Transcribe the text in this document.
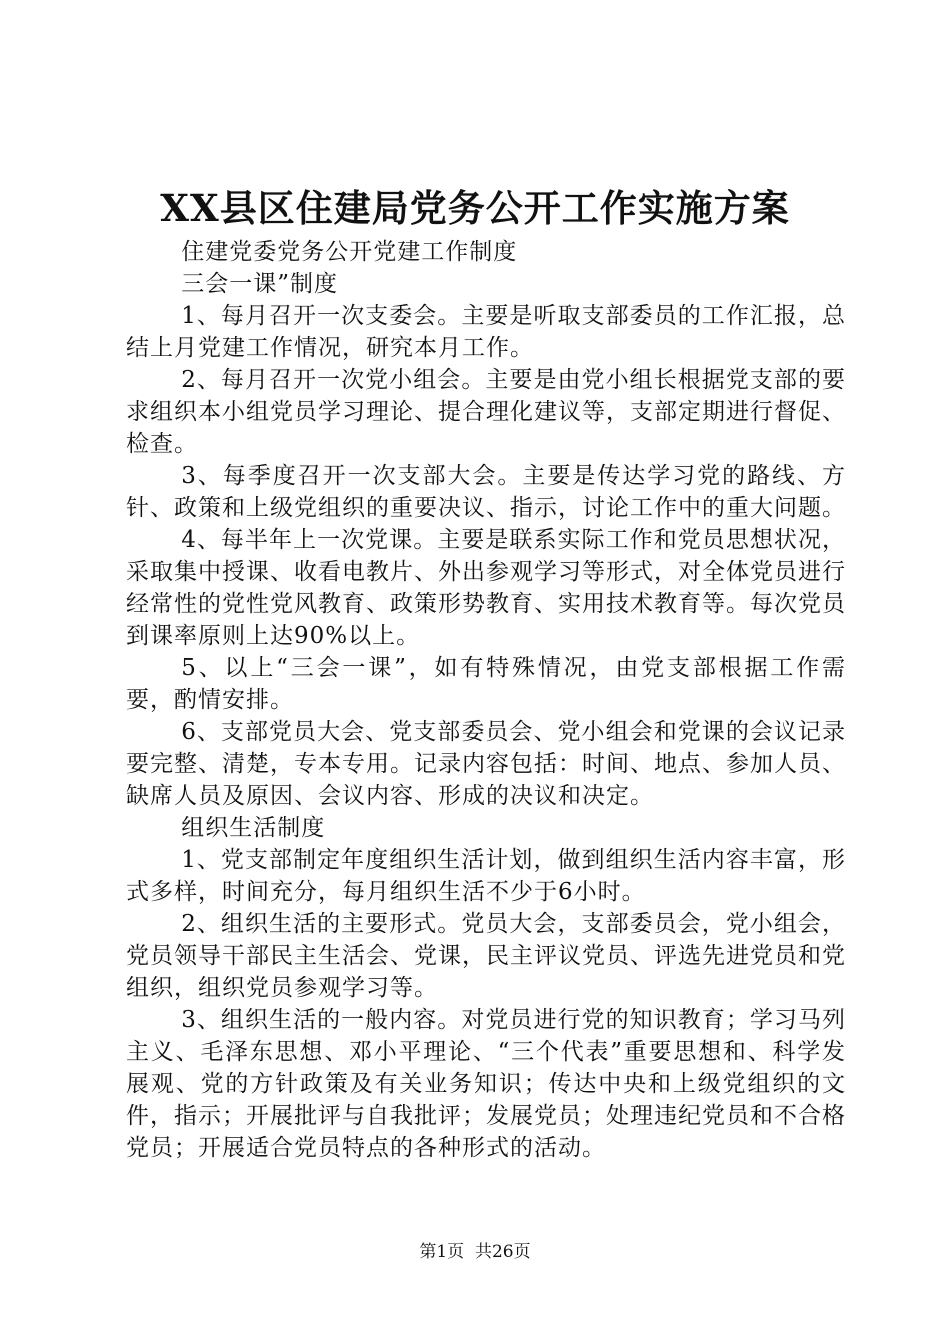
XX县区住建局党务公开工作实施方案

住建党委党务公开党建工作制度

三会一课”制度

1、每月召开一次支委会。主要是听取支部委员的工作汇报，总结上月党建工作情况，研究本月工作。

2、每月召开一次党小组会。主要是由党小组长根据党支部的要求组织本小组党员学习理论、提合理化建议等，支部定期进行督促、检查。

3、每季度召开一次支部大会。主要是传达学习党的路线、方针、政策和上级党组织的重要决议、指示，讨论工作中的重大问题。

4、每半年上一次党课。主要是联系实际工作和党员思想状况，采取集中授课、收看电教片、外出参观学习等形式，对全体党员进行经常性的党性党风教育、政策形势教育、实用技术教育等。每次党员到课率原则上达90%以上。

5、以上“三会一课”，如有特殊情况，由党支部根据工作需要，酌情安排。

6、支部党员大会、党支部委员会、党小组会和党课的会议记录要完整、清楚，专本专用。记录内容包括：时间、地点、参加人员、缺席人员及原因、会议内容、形成的决议和决定。

组织生活制度

1、党支部制定年度组织生活计划，做到组织生活内容丰富，形式多样，时间充分，每月组织生活不少于6小时。

2、组织生活的主要形式。党员大会，支部委员会，党小组会，党员领导干部民主生活会、党课，民主评议党员、评选先进党员和党组织，组织党员参观学习等。

3、组织生活的一般内容。对党员进行党的知识教育；学习马列主义、毛泽东思想、邓小平理论、“三个代表”重要思想和、科学发展观、党的方针政策及有关业务知识；传达中央和上级党组织的文件，指示；开展批评与自我批评；发展党员；处理违纪党员和不合格党员；开展适合党员特点的各种形式的活动。

第1页  共26页
